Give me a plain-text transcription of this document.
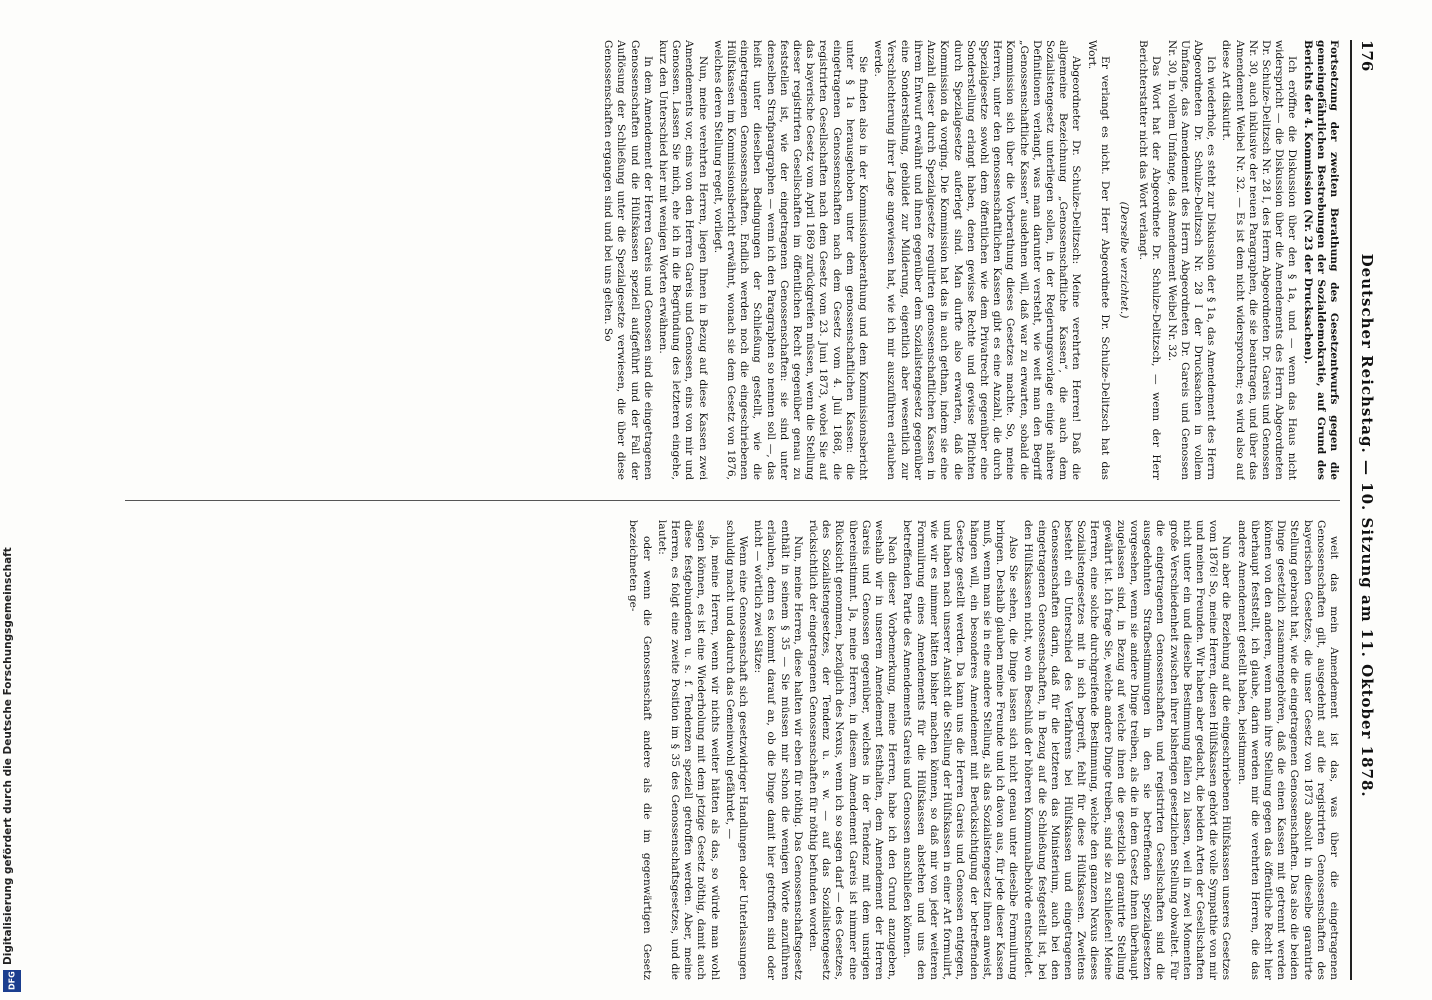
176
Deutscher Reichstag. — 10. Sitzung am 11. Oktober 1878.

Fortsetzung der zweiten Berathung des Gesetzentwurfs gegen die gemeingefährlichen Bestrebungen der Sozialdemokratie, auf Grund des Berichts der 4. Kommission (Nr. 23 der Drucksachen).

Ich eröffne die Diskussion über den § 1a, und — wenn das Haus nicht widerspricht — die Diskussion über die Amendements des Herrn Abgeordneten Dr. Schulze-Delitzsch Nr. 28 I, des Herrn Abgeordneten Dr. Gareis und Genossen Nr. 30, auch inklusive der neuen Paragraphen, die sie beantragen, und über das Amendement Weibel Nr. 32. — Es ist dem nicht widersprochen; es wird also auf diese Art diskutirt.

Ich wiederhole, es steht zur Diskussion der § 1a, das Amendement des Herrn Abgeordneten Dr. Schulze-Delitzsch Nr. 28 I der Drucksachen in vollem Umfange, das Amendement des Herrn Abgeordneten Dr. Gareis und Genossen Nr. 30, in vollem Umfange, das Amendement Weibel Nr. 32.

Das Wort hat der Abgeordnete Dr. Schulze-Delitzsch, — wenn der Herr Berichterstatter nicht das Wort verlangt.

(Derselbe verzichtet.)

Er verlangt es nicht. Der Herr Abgeordnete Dr. Schulze-Delitzsch hat das Wort.

Abgeordneter Dr. Schulze-Delitzsch: Meine verehrten Herren! Daß die allgemeine Bezeichnung „Genossenschaftliche Kassen“, die auch dem Sozialistengesetz unterliegen sollen, in der Regierungsvorlage einige nähere Definitionen verlangt, was man darunter versteht, wie weit man den Begriff „Genossenschaftliche Kassen“ ausdehnen will, daß war zu erwarten, sobald die Kommission sich über die Vorberathung dieses Gesetzes machte. So, meine Herren, unter den genossenschaftlichen Kassen gibt es eine Anzahl, die durch Spezialgesetze sowohl dem öffentlichen wie dem Privatrecht gegenüber eine Sonderstellung erlangt haben, denen gewisse Rechte und gewisse Pflichten durch Spezialgesetze auferlegt sind. Man durfte also erwarten, daß die Kommission da vorging. Die Kommission hat das in auch gethan, indem sie eine Anzahl dieser durch Spezialgesetze regulirten genossenschaftlichen Kassen in ihrem Entwurf erwähnt und ihnen gegenüber dem Sozialistengesetz gegenüber eine Sonderstellung, gebildet zur Milderung, eigentlich aber wesentlich zur Verschlechterung ihrer Lage angewiesen hat, wie ich mir auszuführen erlauben werde.

Sie finden also in der Kommissionsberathung und dem Kommissionsbericht unter § 1a herausgehoben unter dem genossenschaftlichen Kassen: die eingetragenen Genossenschaften nach dem Gesetz vom 4. Juli 1868, die registrirten Gesellschaften nach dem Gesetz vom 23. Juni 1873, wobei Sie auf das bayerische Gesetz vom April 1869 zurückgreifen müssen, wenn die Stellung dieser registrirten Gesellschaften im öffentlichen Recht gegenüber genau zu feststellen ist, wie der eingetragenen Genossenschaften: sie sind unter denselben Strafparagraphen — wenn ich den Paragraphen so nennen soll —, das heißt unter dieselben Bedingungen der Schließung gestellt, wie die eingetragenen Genossenschaften. Endlich werden noch die eingeschriebenen Hülfskassen im Kommissionsbericht erwähnt, wonach sie dem Gesetz von 1876, welches deren Stellung regelt, vorliegt.

Nun, meine verehrten Herren, liegen Ihnen in Bezug auf diese Kassen zwei Amendements vor, eins von den Herren Gareis und Genossen, eins von mir und Genossen. Lassen Sie mich, ehe ich in die Begründung des letzteren eingehe, kurz den Unterschied hier mit wenigen Worten erwähnen.

In dem Amendement der Herren Gareis und Genossen sind die eingetragenen Genossenschaften und die Hülfskassen speziell aufgeführt und der Fall der Auflösung der Schließung unter die Spezialgesetze verwiesen, die über diese Genossenschaften ergangen sind und bei uns gelten. So

weit das mein Amendement ist das, was über die eingetragenen Genossenschaften gilt, ausgedehnt auf die registrirten Genossenschaften des bayerischen Gesetzes, die unser Gesetz von 1873 absolut in dieselbe garantirte Stellung gebracht hat, wie die eingetragenen Genossenschaften. Das also die beiden Dinge gesetzlich zusammengehören, daß die einen Kassen mit getrennt werden können von den anderen, wenn man ihre Stellung gegen das öffentliche Recht hier überhaupt feststellt, ich glaube, darin werden mir die verehrten Herren, die das andere Amendement gestellt haben, beistimmen.

Nun aber die Beziehung auf die eingeschriebenen Hülfskassen unseres Gesetzes vom 1876! So, meine Herren, diesen Hülfskassen gehört die volle Sympathie von mir und meinen Freunden. Wir haben aber gedacht, die beiden Arten der Gesellschaften nicht unter ein und dieselbe Bestimmung fallen zu lassen, weil in zwei Momenten große Verschiedenheit zwischen ihrer bisherigen gesetzlichen Stellung obwaltet. Für die eingetragenen Genossenschaften und registrirten Gesellschaften sind die ausgedehnten Strafbestimmungen in den sie betreffenden Spezialgesetzen vorgesehen, wenn sie andere Dinge treiben, als die in dem Gesetz ihnen überhaupt zugelassen sind, in Bezug auf welche ihnen die gesetzlich garantirte Stellung gewährt ist. Ich frage Sie, welche andere Dinge treiben, sind sie zu schließen! Meine Herren, eine solche durchgreifende Bestimmung, welche den ganzen Nexus dieses Sozialistengesetzes mit in sich begreift, fehlt für diese Hülfskassen. Zweitens besteht ein Unterschied des Verfahrens bei Hülfskassen und eingetragenen Genossenschaften darin, daß für die letzteren das Ministerium, auch bei den eingetragenen Genossenschaften, in Bezug auf die Schließung festgestellt ist, bei den Hülfskassen nicht, wo ein Beschluß der höheren Kommunalbehörde entscheidet.

Also Sie sehen, die Dinge lassen sich nicht genau unter dieselbe Formulirung bringen. Deshalb glauben meine Freunde und ich davon aus, für jede dieser Kassen muß, wenn man sie in eine andere Stellung, als das Sozialistengesetz ihnen anweist, hängen will, ein besonderes Amendement mit Berücksichtigung der betreffenden Gesetze gestellt werden. Da kann uns die Herren Gareis und Genossen entgegen, und haben nach unserer Ansicht die Stellung der Hülfskassen in einer Art formulirt, wie wir es nimmer hätten bisher machen können, so daß mir von jeder weiteren Formulirung eines Amendements für die Hülfskassen abstehen und uns den betreffenden Partie des Amendements Gareis und Genossen anschließen können.

Nach dieser Vorbemerkung, meine Herren, habe ich den Grund anzugeben, weshalb wir in unserem Amendement festhalten, dem Amendement der Herren Gareis und Genossen gegenüber, welches in der Tendenz mit dem unsrigen übereinstimmt. Ja, meine Herren, in diesem Amendement Gareis ist nimmer eine Rücksicht genommen, bezüglich des Nexus, wenn ich so sagen darf — des Gesetzes, des Sozialistengesetzes, der Tendenz u. s. w. — auf das Sozialistengesetz rücksichtlich der eingetragenen Genossenschaften für nöthig befunden worden.

Nun, meine Herren, diese halten wir eben für nöthig. Das Genossenschaftsgesetz enthält in seinem § 35 — Sie müssen mir schon die wenigen Worte anzuführen erlauben, denn es kommt darauf an, ob die Dinge damit hier getroffen sind oder nicht — wörtlich zwei Sätze:

Wenn eine Genossenschaft sich gesetzwidriger Handlungen oder Unterlassungen schuldig macht und dadurch das Gemeinwohl gefährdet, —

ja, meine Herren, wenn wir nichts weiter hätten als das, so würde man wohl sagen können, es ist eine Wiederholung mit dem jetzige Gesetz nöthig, damit auch diese festgebundenen u. s. f. Tendenzen speziell getroffen werden. Aber, meine Herren, es folgt eine zweite Position im § 35 des Genossenschaftsgesetzes, und die lautet:

oder wenn die Genossenschaft andere als die im gegenwärtigen Gesetz bezeichneten ge-

Digitalisierung gefördert durch die Deutsche Forschungsgemeinschaft
DFG
